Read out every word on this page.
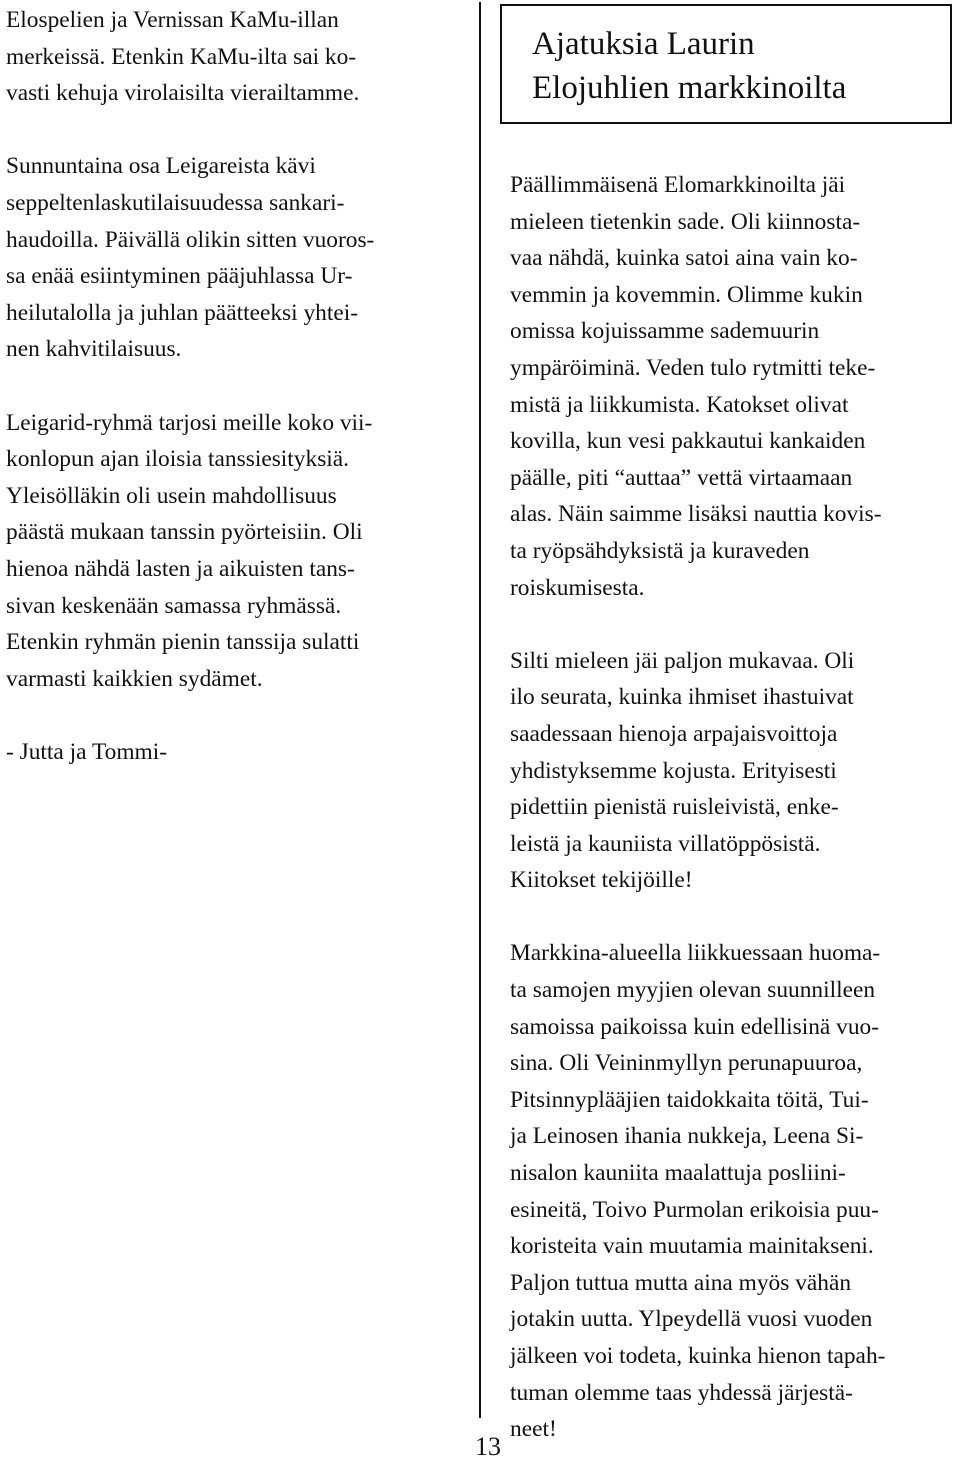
Elospelien ja Vernissan KaMu-illan
merkeissä. Etenkin KaMu-ilta sai ko-
vasti kehuja virolaisilta vierailtamme.

Sunnuntaina osa Leigareista kävi
seppeltenlaskutilaisuudessa sankari-
haudoilla. Päivällä olikin sitten vuoros-
sa enää esiintyminen pääjuhlassa Ur-
heilutalolla ja juhlan päätteeksi yhtei-
nen kahvitilaisuus.

Leigarid-ryhmä tarjosi meille koko vii-
konlopun ajan iloisia tanssiesityksiä.
Yleisölläkin oli usein mahdollisuus
päästä mukaan tanssin pyörteisiin. Oli
hienoa nähdä lasten ja aikuisten tans-
sivan keskenään samassa ryhmässä.
Etenkin ryhmän pienin tanssija sulatti
varmasti kaikkien sydämet.

- Jutta ja Tommi-

Ajatuksia Laurin
Elojuhlien markkinoilta

Päällimmäisenä Elomarkkinoilta jäi
mieleen tietenkin sade. Oli kiinnosta-
vaa nähdä, kuinka satoi aina vain ko-
vemmin ja kovemmin. Olimme kukin
omissa kojuissamme sademuurin
ympäröiminä. Veden tulo rytmitti teke-
mistä ja liikkumista. Katokset olivat
kovilla, kun vesi pakkautui kankaiden
päälle, piti “auttaa” vettä virtaamaan
alas. Näin saimme lisäksi nauttia kovis-
ta ryöpsähdyksistä ja kuraveden
roiskumisesta.

Silti mieleen jäi paljon mukavaa. Oli
ilo seurata, kuinka ihmiset ihastuivat
saadessaan hienoja arpajaisvoittoja
yhdistyksemme kojusta. Erityisesti
pidettiin pienistä ruisleivistä, enke-
leistä ja kauniista villatöppösistä.
Kiitokset tekijöille!

Markkina-alueella liikkuessaan huoma-
ta samojen myyjien olevan suunnilleen
samoissa paikoissa kuin edellisinä vuo-
sina. Oli Veininmyllyn perunapuuroa,
Pitsinnyplääjien taidokkaita töitä, Tui-
ja Leinosen ihania nukkeja, Leena Si-
nisalon kauniita maalattuja posliini-
esineitä, Toivo Purmolan erikoisia puu-
koristeita vain muutamia mainitakseni.
Paljon tuttua mutta aina myös vähän
jotakin uutta. Ylpeydellä vuosi vuoden
jälkeen voi todeta, kuinka hienon tapah-
tuman olemme taas yhdessä järjestä-
neet!

13
